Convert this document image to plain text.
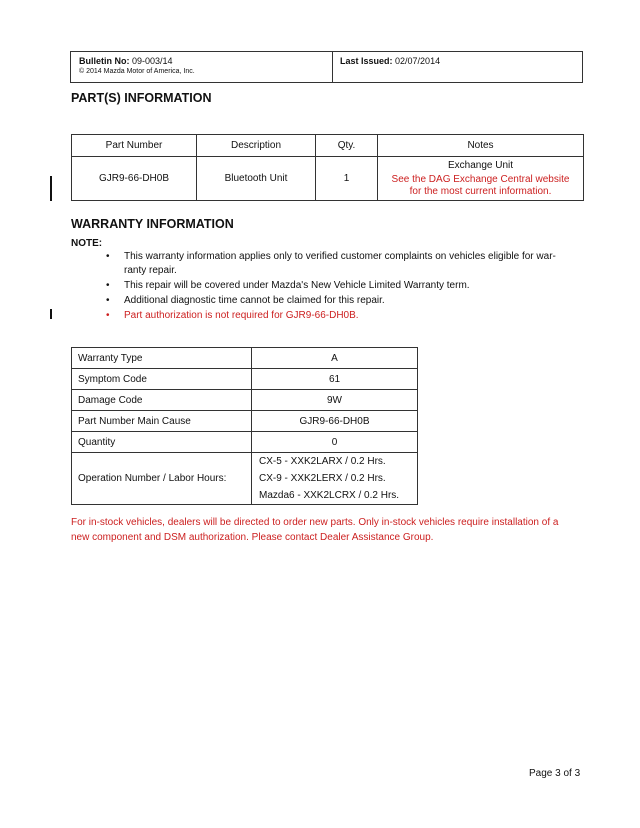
Bulletin No: 09-003/14
© 2014 Mazda Motor of America, Inc.
Last Issued: 02/07/2014
PART(S) INFORMATION
Part Number	Description	Qty.	Notes
GJR9-66-DH0B	Bluetooth Unit	1	Exchange Unit
See the DAG Exchange Central website
for the most current information.
WARRANTY INFORMATION
NOTE:
• This warranty information applies only to verified customer complaints on vehicles eligible for war-
ranty repair.
• This repair will be covered under Mazda's New Vehicle Limited Warranty term.
• Additional diagnostic time cannot be claimed for this repair.
• Part authorization is not required for GJR9-66-DH0B.
Warranty Type	A
Symptom Code	61
Damage Code	9W
Part Number Main Cause	GJR9-66-DH0B
Quantity	0
Operation Number / Labor Hours:	CX-5 - XXK2LARX / 0.2 Hrs.
CX-9 - XXK2LERX / 0.2 Hrs.
Mazda6 - XXK2LCRX / 0.2 Hrs.
For in-stock vehicles, dealers will be directed to order new parts. Only in-stock vehicles require installation of a
new component and DSM authorization. Please contact Dealer Assistance Group.
Page 3 of 3
